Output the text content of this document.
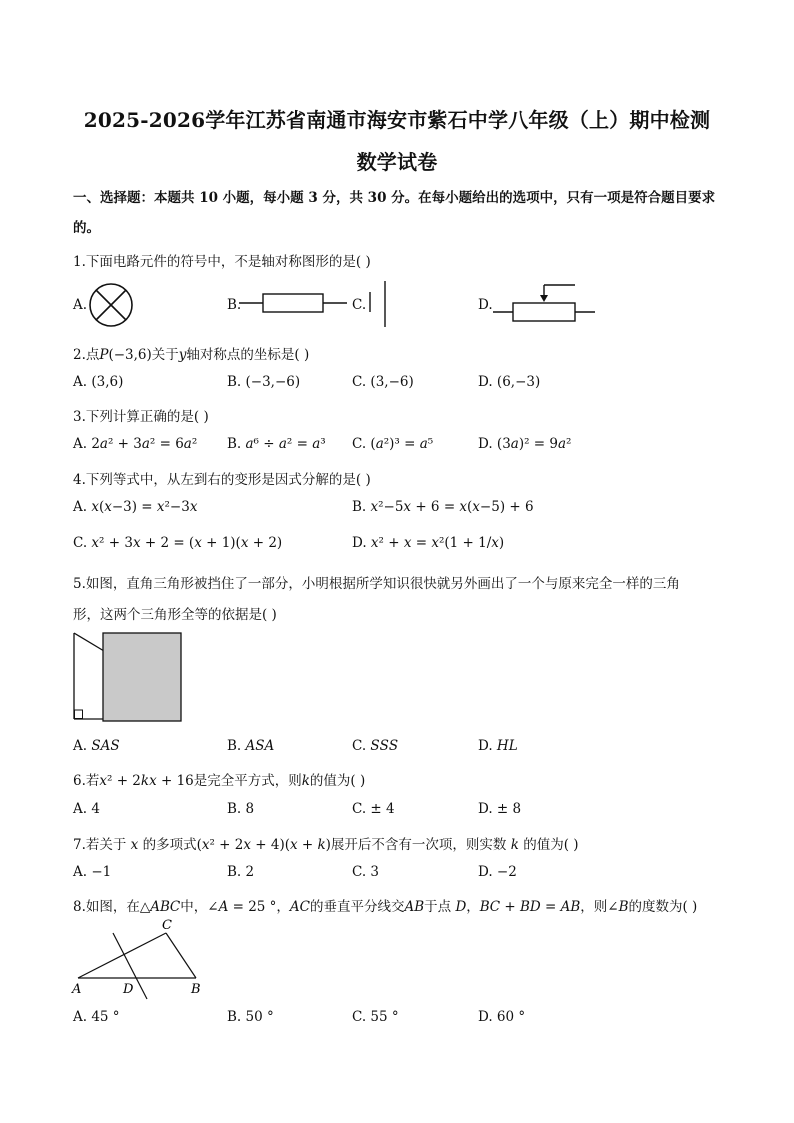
2025-2026学年江苏省南通市海安市紫石中学八年级（上）期中检测
数学试卷
一、选择题：本题共 10 小题，每小题 3 分，共 30 分。在每小题给出的选项中，只有一项是符合题目要求
的。
1.下面电路元件的符号中，不是轴对称图形的是( )
A.	B.	C.	D.
2.点𝑃(−3,6)关于𝑦轴对称点的坐标是( )
A. (3,6)	B. (−3,−6)	C. (3,−6)	D. (6,−3)
3.下列计算正确的是( )
A. 2𝑎² + 3𝑎² = 6𝑎² B. 𝑎⁶ ÷ 𝑎² = 𝑎³ C. (𝑎²)³ = 𝑎⁵	D. (3𝑎)² = 9𝑎²
4.下列等式中，从左到右的变形是因式分解的是( )
A. 𝑥(𝑥−3) = 𝑥²−3𝑥	B. 𝑥²−5𝑥 + 6 = 𝑥(𝑥−5) + 6
C. 𝑥² + 3𝑥 + 2 = (𝑥 + 1)(𝑥 + 2)	D. 𝑥² + 𝑥 = 𝑥²(1 + 1/𝑥)
5.如图，直角三角形被挡住了一部分，小明根据所学知识很快就另外画出了一个与原来完全一样的三角
形，这两个三角形全等的依据是( )
A. 𝑆𝐴𝑆	B. 𝐴𝑆𝐴	C. 𝑆𝑆𝑆	D. 𝐻𝐿
6.若𝑥² + 2𝑘𝑥 + 16是完全平方式，则𝑘的值为( )
A. 4	B. 8	C. ± 4	D. ± 8
7.若关于 𝑥 的多项式(𝑥² + 2𝑥 + 4)(𝑥 + 𝑘)展开后不含有一次项，则实数 𝑘 的值为( )
A. −1	B. 2	C. 3	D. −2
8.如图，在△𝐴𝐵𝐶中，∠𝐴 = 25 °，𝐴𝐶的垂直平分线交𝐴𝐵于点 𝐷，𝐵𝐶 + 𝐵𝐷 = 𝐴𝐵，则∠𝐵的度数为( )
A	D	B
C
A. 45 °	B. 50 °	C. 55 °	D. 60 °
